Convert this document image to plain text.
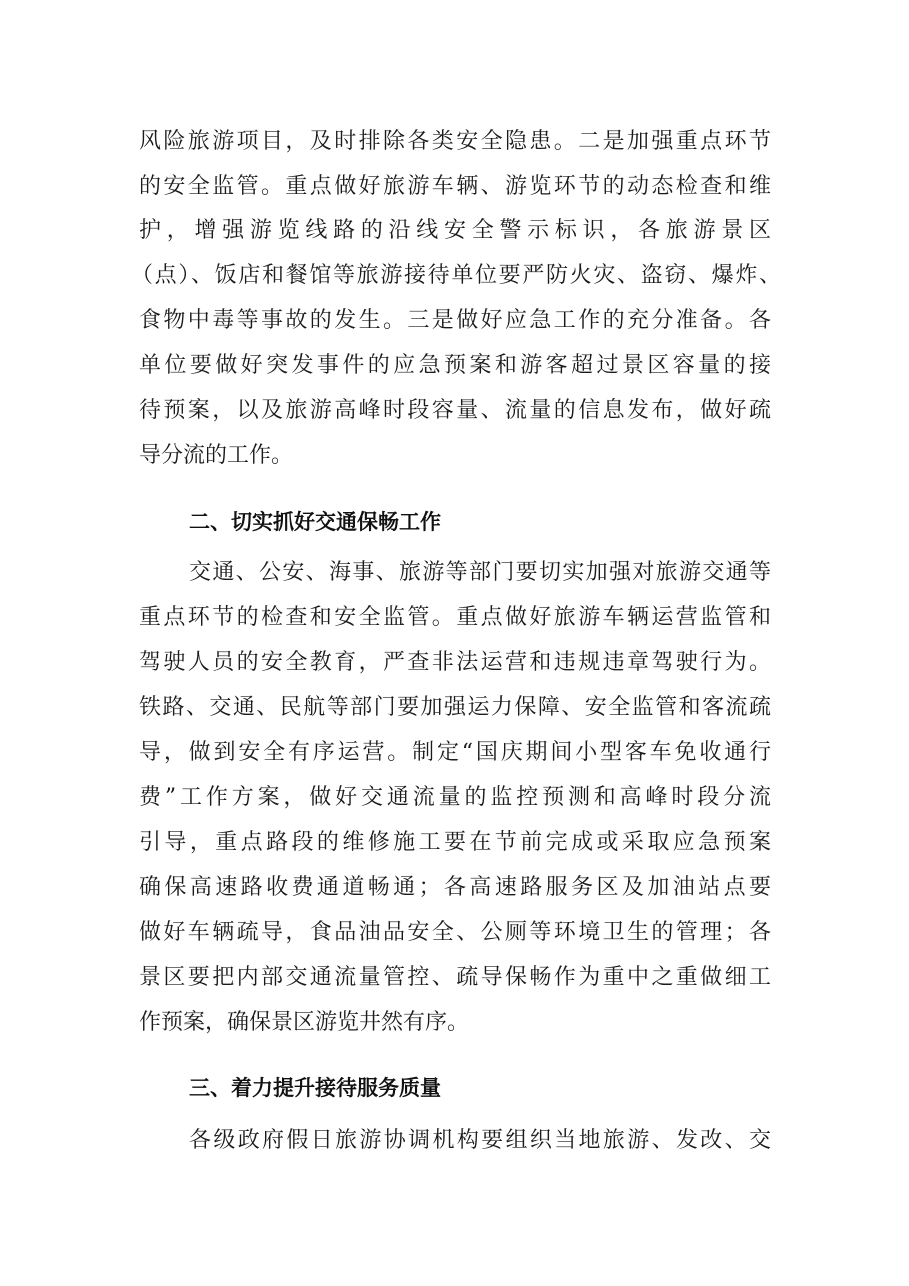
风险旅游项目，及时排除各类安全隐患。二是加强重点环节
的安全监管。重点做好旅游车辆、游览环节的动态检查和维
护，增强游览线路的沿线安全警示标识，各旅游景区
（点）、饭店和餐馆等旅游接待单位要严防火灾、盗窃、爆炸、
食物中毒等事故的发生。三是做好应急工作的充分准备。各
单位要做好突发事件的应急预案和游客超过景区容量的接
待预案，以及旅游高峰时段容量、流量的信息发布，做好疏
导分流的工作。
二、切实抓好交通保畅工作
交通、公安、海事、旅游等部门要切实加强对旅游交通等
重点环节的检查和安全监管。重点做好旅游车辆运营监管和
驾驶人员的安全教育，严查非法运营和违规违章驾驶行为。
铁路、交通、民航等部门要加强运力保障、安全监管和客流疏
导，做到安全有序运营。制定“国庆期间小型客车免收通行
费”工作方案，做好交通流量的监控预测和高峰时段分流
引导，重点路段的维修施工要在节前完成或采取应急预案
确保高速路收费通道畅通；各高速路服务区及加油站点要
做好车辆疏导，食品油品安全、公厕等环境卫生的管理；各
景区要把内部交通流量管控、疏导保畅作为重中之重做细工
作预案，确保景区游览井然有序。
三、着力提升接待服务质量
各级政府假日旅游协调机构要组织当地旅游、发改、交
